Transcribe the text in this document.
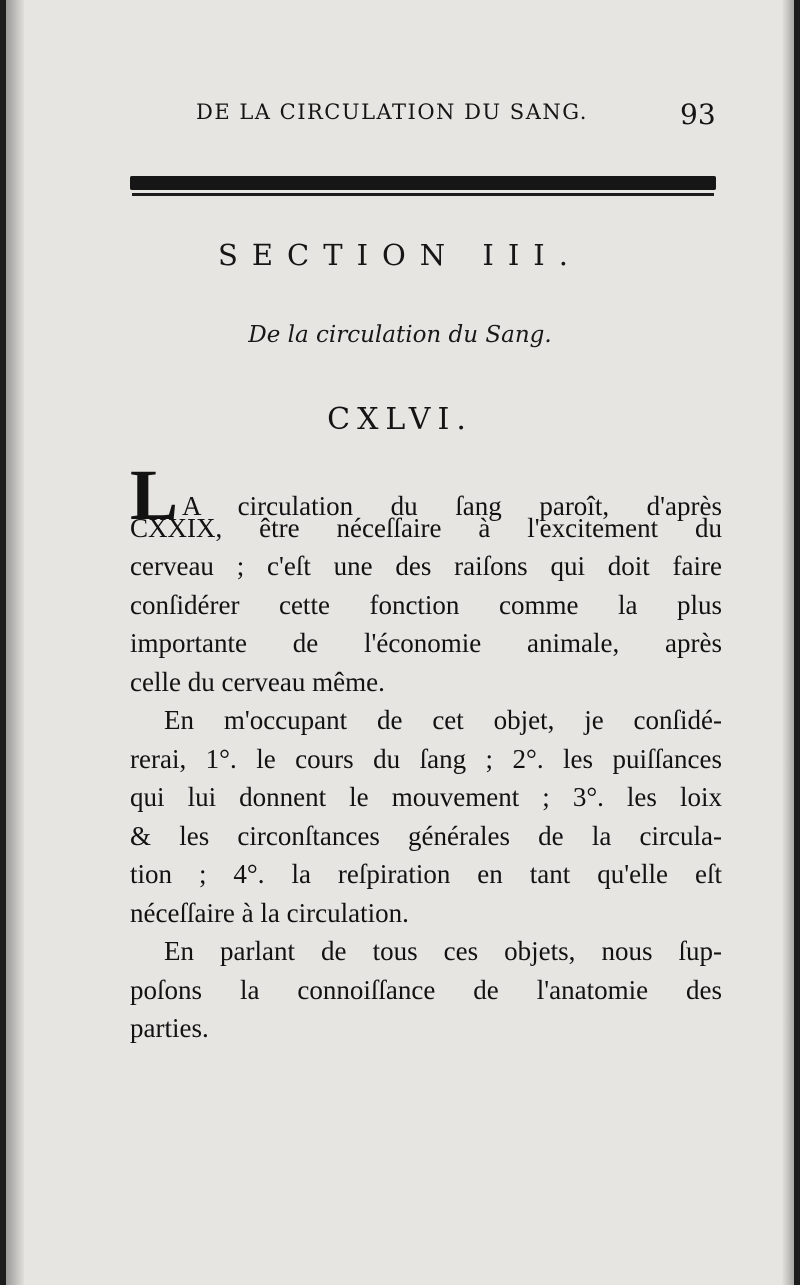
DE LA CIRCULATION DU SANG.	93
SECTION III.
De la circulation du Sang.
CXLVI.
L A circulation du ſang paroît, d'après
CXXIX, être néceſſaire à l'excitement du
cerveau ; c'eſt une des raiſons qui doit faire
conſidérer cette fonction comme la plus
importante de l'économie animale, après
celle du cerveau même.
En m'occupant de cet objet, je conſidé-
rerai, 1°. le cours du ſang ; 2°. les puiſſances
qui lui donnent le mouvement ; 3°. les loix
& les circonſtances générales de la circula-
tion ; 4°. la reſpiration en tant qu'elle eſt
néceſſaire à la circulation.
En parlant de tous ces objets, nous ſup-
poſons la connoiſſance de l'anatomie des
parties.
